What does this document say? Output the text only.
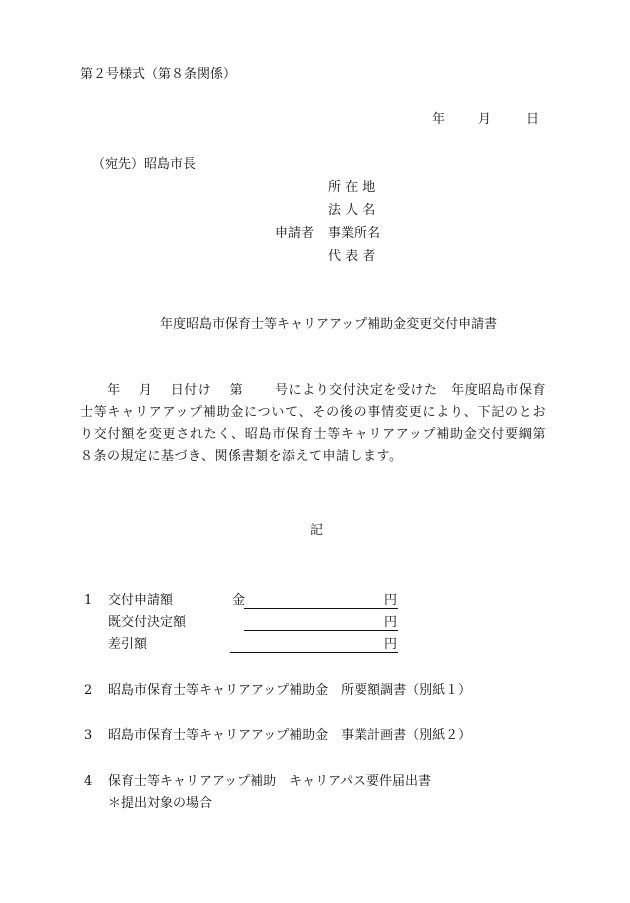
第２号様式（第８条関係）
年	月	日
（宛先）昭島市長
所 在 地
法 人 名
申請者 事業所名
代 表 者
年度昭島市保育士等キャリアアップ補助金変更交付申請書
　　年　 月 　日付け 　第　　 号により交付決定を受けた　年度昭島市保育士等キャリアアップ補助金について、その後の事情変更により、下記のとおり交付額を変更されたく、昭島市保育士等キャリアアップ補助金交付要綱第８条の規定に基づき、関係書類を添えて申請します。
記
1 交付申請額	金	円
既交付決定額	円
差引額	円
2 昭島市保育士等キャリアアップ補助金　所要額調書（別紙１）
3 昭島市保育士等キャリアアップ補助金　事業計画書（別紙２）
4 保育士等キャリアアップ補助　キャリアパス要件届出書
＊提出対象の場合
